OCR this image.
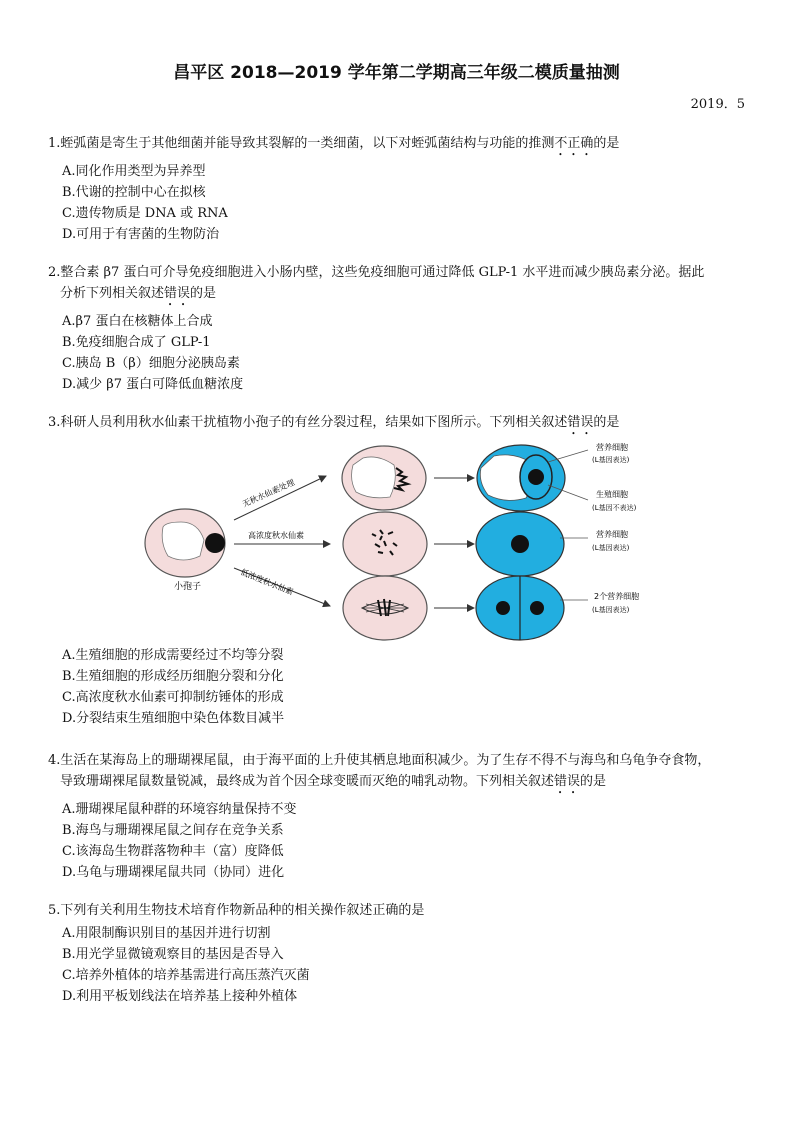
昌平区 2018—2019 学年第二学期高三年级二模质量抽测
2019．5

1.蛭弧菌是寄生于其他细菌并能导致其裂解的一类细菌，以下对蛭弧菌结构与功能的推测不正确的是

A.同化作用类型为异养型
B.代谢的控制中心在拟核
C.遗传物质是 DNA 或 RNA
D.可用于有害菌的生物防治

2.整合素 β7 蛋白可介导免疫细胞进入小肠内壁，这些免疫细胞可通过降低 GLP-1 水平进而减少胰岛素分泌。据此
分析下列相关叙述错误的是

A.β7 蛋白在核糖体上合成
B.免疫细胞合成了 GLP-1
C.胰岛 B（β）细胞分泌胰岛素
D.减少 β7 蛋白可降低血糖浓度

3.科研人员利用秋水仙素干扰植物小孢子的有丝分裂过程，结果如下图所示。下列相关叙述错误的是

小孢子
无秋水仙素处理
高浓度秋水仙素
低浓度秋水仙素
营养细胞
(L基因表达)
生殖细胞
(L基因不表达)
营养细胞
(L基因表达)
2个营养细胞
(L基因表达)
A.生殖细胞的形成需要经过不均等分裂
B.生殖细胞的形成经历细胞分裂和分化
C.高浓度秋水仙素可抑制纺锤体的形成
D.分裂结束生殖细胞中染色体数目减半

4.生活在某海岛上的珊瑚裸尾鼠，由于海平面的上升使其栖息地面积减少。为了生存不得不与海鸟和乌龟争夺食物，
导致珊瑚裸尾鼠数量锐减，最终成为首个因全球变暖而灭绝的哺乳动物。下列相关叙述错误的是

A.珊瑚裸尾鼠种群的环境容纳量保持不变
B.海鸟与珊瑚裸尾鼠之间存在竞争关系
C.该海岛生物群落物种丰（富）度降低
D.乌龟与珊瑚裸尾鼠共同（协同）进化

5.下列有关利用生物技术培育作物新品种的相关操作叙述正确的是

A.用限制酶识别目的基因并进行切割
B.用光学显微镜观察目的基因是否导入
C.培养外植体的培养基需进行高压蒸汽灭菌
D.利用平板划线法在培养基上接种外植体
